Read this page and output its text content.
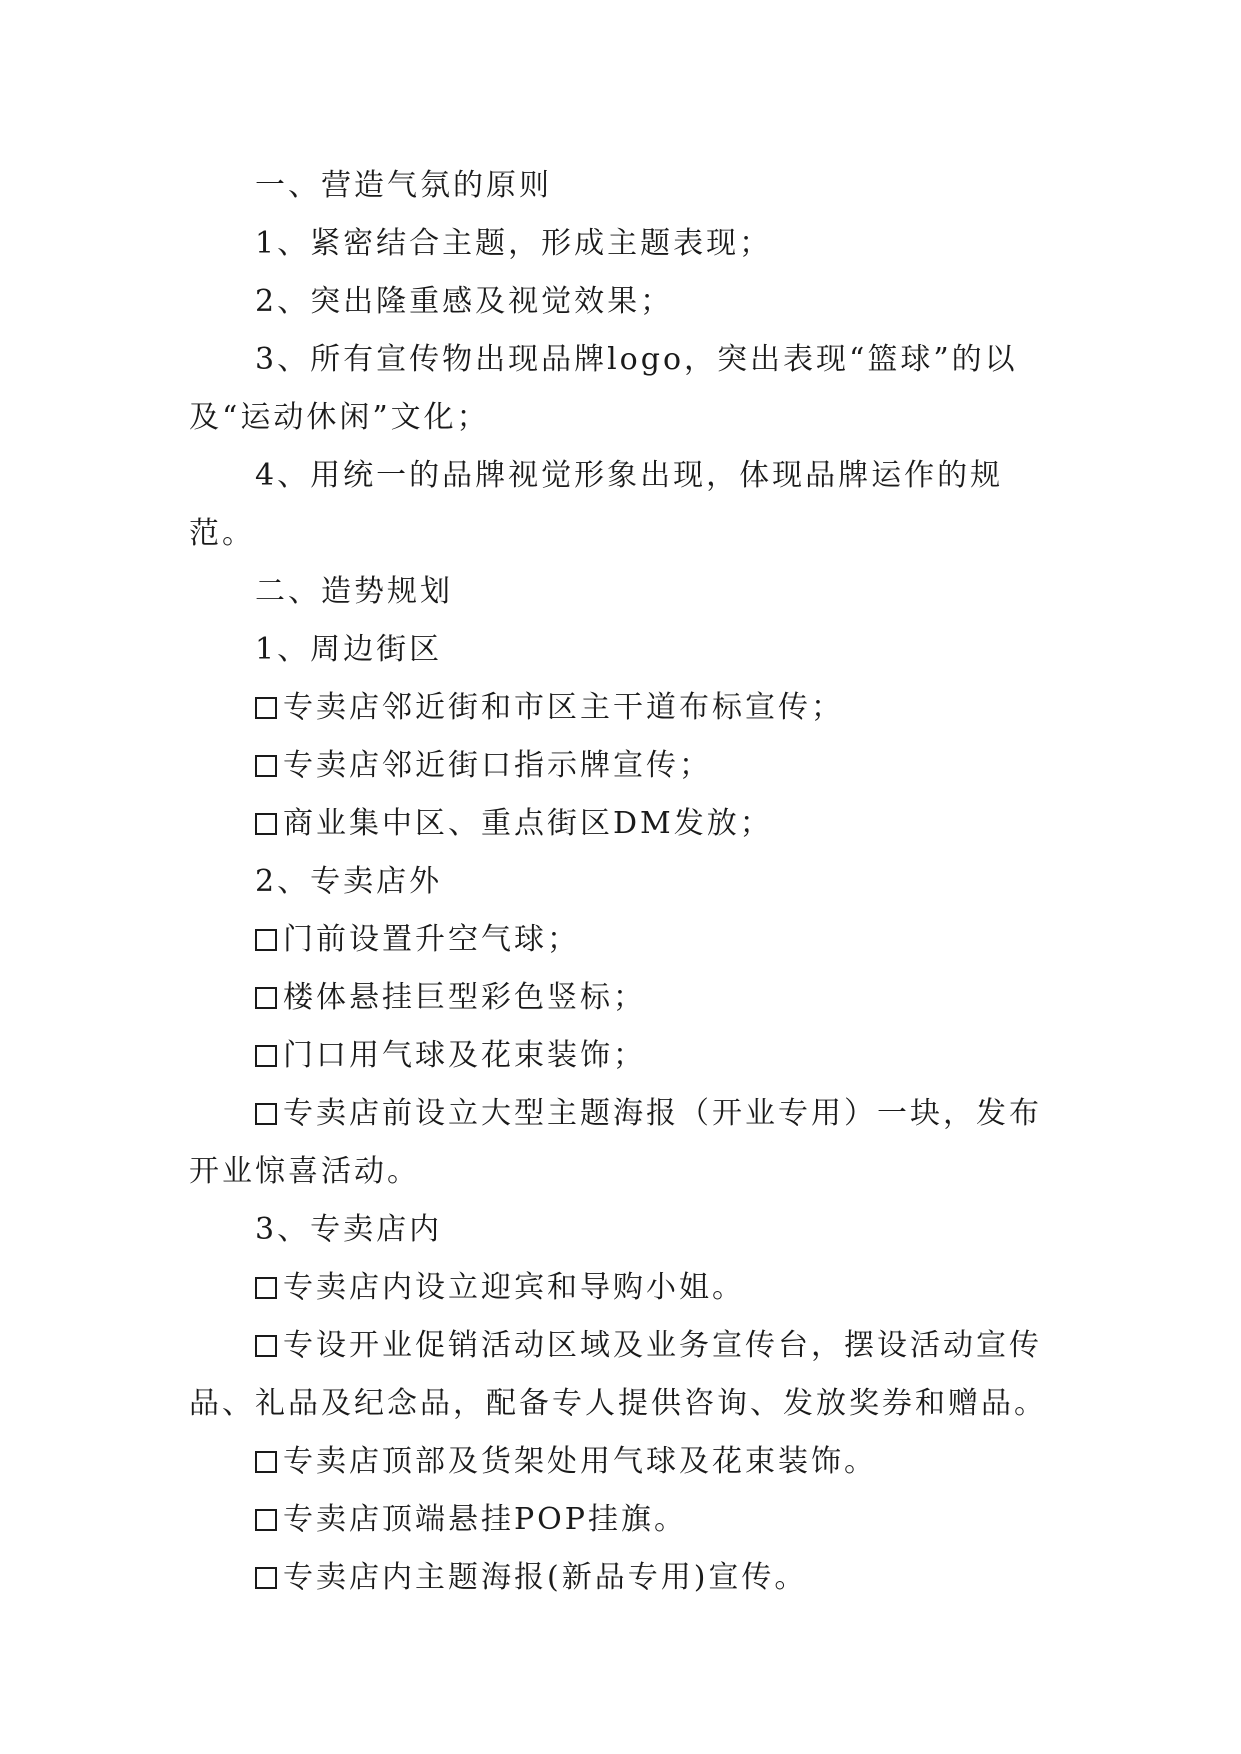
一、营造气氛的原则

1、紧密结合主题，形成主题表现；

2、突出隆重感及视觉效果；

3、所有宣传物出现品牌logo，突出表现“篮球”的以及“运动休闲”文化；

4、用统一的品牌视觉形象出现，体现品牌运作的规范。

二、造势规划

1、周边街区

专卖店邻近街和市区主干道布标宣传；

专卖店邻近街口指示牌宣传；

商业集中区、重点街区DM发放；

2、专卖店外

门前设置升空气球；

楼体悬挂巨型彩色竖标；

门口用气球及花束装饰；

专卖店前设立大型主题海报（开业专用）一块，发布开业惊喜活动。

3、专卖店内

专卖店内设立迎宾和导购小姐。

专设开业促销活动区域及业务宣传台，摆设活动宣传品、礼品及纪念品，配备专人提供咨询、发放奖券和赠品。

专卖店顶部及货架处用气球及花束装饰。

专卖店顶端悬挂POP挂旗。

专卖店内主题海报(新品专用)宣传。
